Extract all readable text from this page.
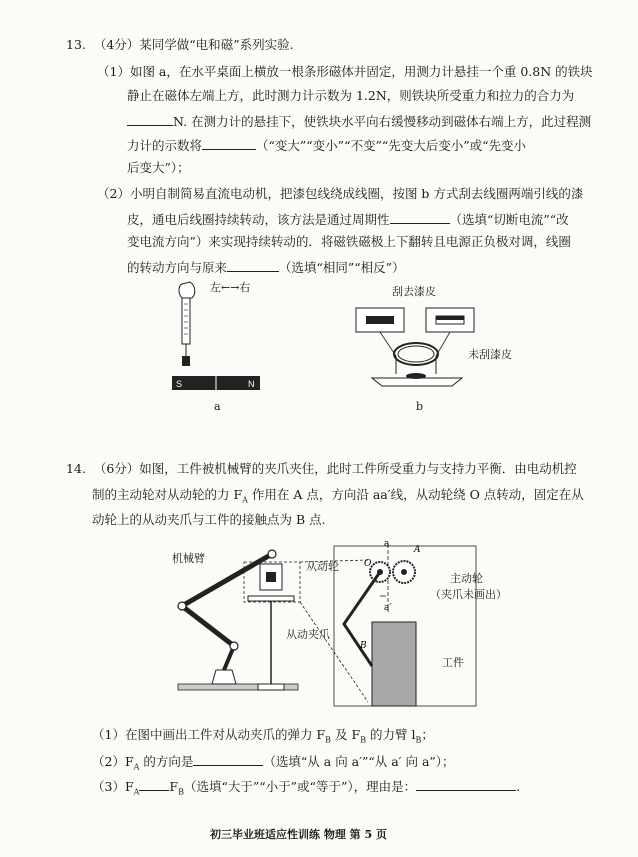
13. （4分）某同学做“电和磁”系列实验.
（1）如图 a，在水平桌面上横放一根条形磁体并固定，用测力计悬挂一个重 0.8N 的铁块
静止在磁体左端上方，此时测力计示数为 1.2N，则铁块所受重力和拉力的合力为
N. 在测力计的悬挂下，使铁块水平向右缓慢移动到磁体右端上方，此过程测
力计的示数将	（“变大”“变小”“不变”“先变大后变小”或“先变小
后变大”）；
（2）小明自制简易直流电动机，把漆包线绕成线圈，按图 b 方式刮去线圈两端引线的漆
皮，通电后线圈持续转动，该方法是通过周期性	（选填“切断电流”“改
变电流方向”）来实现持续转动的．将磁铁磁极上下翻转且电源正负极对调，线圈
的转动方向与原来	（选填“相同”“相反”）
S	N
左←→右
a
刮去漆皮
未刮漆皮
b
14. （6分）如图，工件被机械臂的夹爪夹住，此时工件所受重力与支持力平衡．由电动机控
制的主动轮对从动轮的力 $F_A$ 作用在 A 点，方向沿 aa′线，从动轮绕 O 点转动，固定在从
动轮上的从动夹爪与工件的接触点为 B 点.
a
a′
O
A
B
机械臂
从动轮
主动轮
（夹爪未画出）
从动夹爪
工件
（1）在图中画出工件对从动夹爪的弹力 $F_B$ 及 $F_B$ 的力臂 $l_B$；
$(2)F_A$ 的方向是	（选填“从 a 向 a′”“从 a′ 向 a”）；
$(3)F_A$ $F_B$（选填“大于”“小于”或“等于”），理由是：	.
初三毕业班适应性训练 物理 第 5 页
